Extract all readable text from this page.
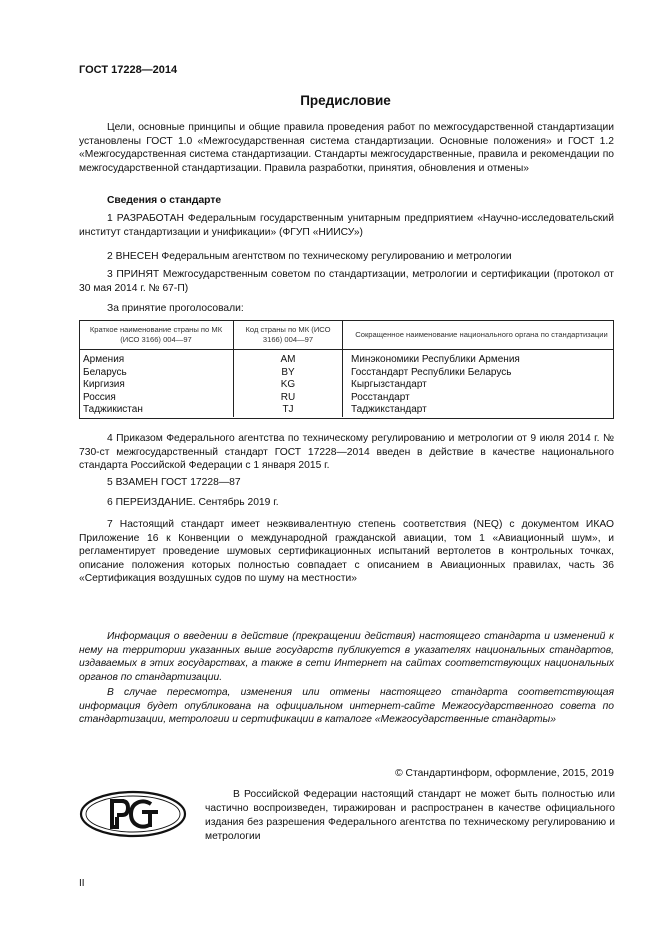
ГОСТ 17228—2014
Предисловие
Цели, основные принципы и общие правила проведения работ по межгосударственной стандартизации установлены ГОСТ 1.0 «Межгосударственная система стандартизации. Основные положения» и ГОСТ 1.2 «Межгосударственная система стандартизации. Стандарты межгосударственные, правила и рекомендации по межгосударственной стандартизации. Правила разработки, принятия, обновления и отмены»
Сведения о стандарте
1 РАЗРАБОТАН Федеральным государственным унитарным предприятием «Научно-исследовательский институт стандартизации и унификации» (ФГУП «НИИСУ»)
2 ВНЕСЕН Федеральным агентством по техническому регулированию и метрологии
3 ПРИНЯТ Межгосударственным советом по стандартизации, метрологии и сертификации (протокол от 30 мая 2014 г. № 67-П)
За принятие проголосовали:
Краткое наименование страны по МК (ИСО 3166) 004—97	Код страны по МК (ИСО 3166) 004—97	Сокращенное наименование национального органа по стандартизации

Армения	AM	Минэкономики Республики Армения
Беларусь	BY	Госстандарт Республики Беларусь
Киргизия	KG	Кыргызстандарт
Россия	RU	Росстандарт
Таджикистан	TJ	Таджикстандарт
4 Приказом Федерального агентства по техническому регулированию и метрологии от 9 июля 2014 г. № 730-ст межгосударственный стандарт ГОСТ 17228—2014 введен в действие в качестве национального стандарта Российской Федерации с 1 января 2015 г.
5 ВЗАМЕН ГОСТ 17228—87
6 ПЕРЕИЗДАНИЕ. Сентябрь 2019 г.
7 Настоящий стандарт имеет неэквивалентную степень соответствия (NEQ) с документом ИКАО Приложение 16 к Конвенции о международной гражданской авиации, том 1 «Авиационный шум», и регламентирует проведение шумовых сертификационных испытаний вертолетов в контрольных точках, описание положения которых полностью совпадает с описанием в Авиационных правилах, часть 36 «Сертификация воздушных судов по шуму на местности»
Информация о введении в действие (прекращении действия) настоящего стандарта и изменений к нему на территории указанных выше государств публикуется в указателях национальных стандартов, издаваемых в этих государствах, а также в сети Интернет на сайтах соответствующих национальных органов по стандартизации.
В случае пересмотра, изменения или отмены настоящего стандарта соответствующая информация будет опубликована на официальном интернет-сайте Межгосударственного совета по стандартизации, метрологии и сертификации в каталоге «Межгосударственные стандарты»
© Стандартинформ, оформление, 2015, 2019
В Российской Федерации настоящий стандарт не может быть полностью или частично воспроизведен, тиражирован и распространен в качестве официального издания без разрешения Федерального агентства по техническому регулированию и метрологии
II
